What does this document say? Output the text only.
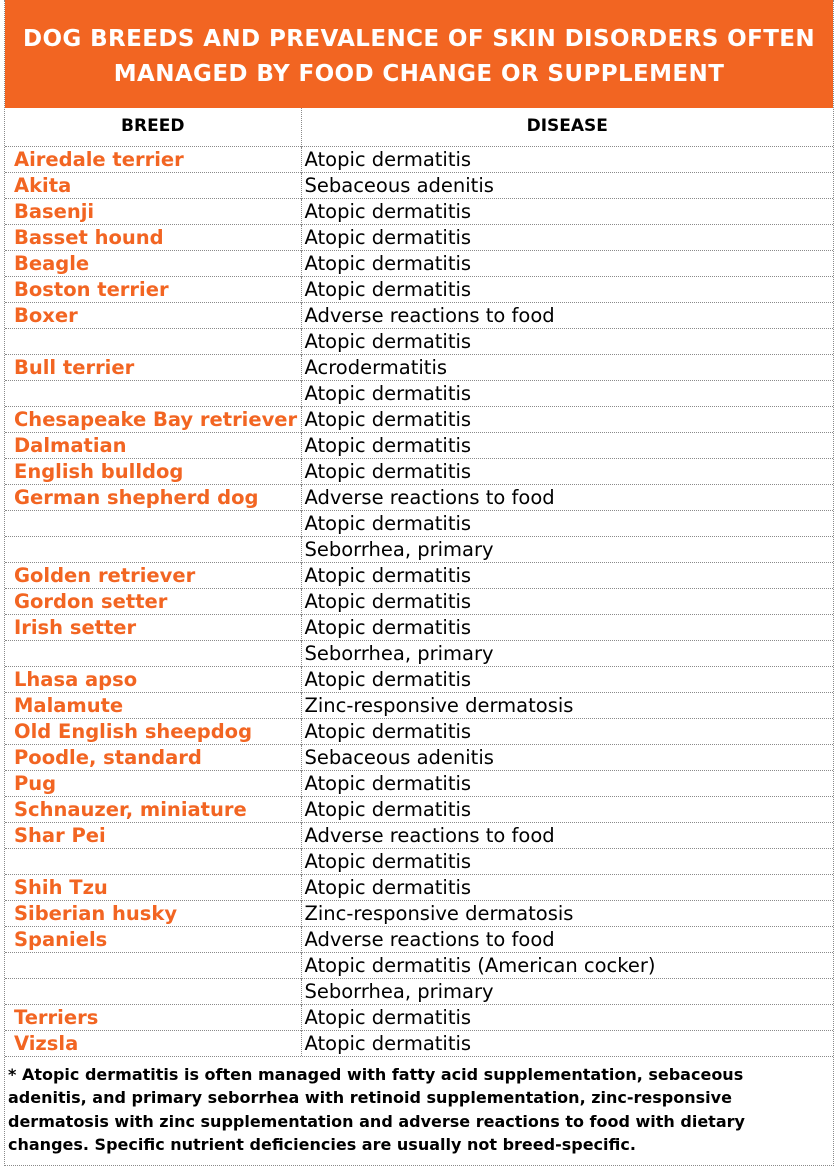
DOG BREEDS AND PREVALENCE OF SKIN DISORDERS OFTEN
MANAGED BY FOOD CHANGE OR SUPPLEMENT
BREED	DISEASE
Airedale terrier	Atopic dermatitis
Akita	Sebaceous adenitis
Basenji	Atopic dermatitis
Basset hound	Atopic dermatitis
Beagle	Atopic dermatitis
Boston terrier	Atopic dermatitis
Boxer	Adverse reactions to food
	Atopic dermatitis
Bull terrier	Acrodermatitis
	Atopic dermatitis
Chesapeake Bay retriever	Atopic dermatitis
Dalmatian	Atopic dermatitis
English bulldog	Atopic dermatitis
German shepherd dog	Adverse reactions to food
	Atopic dermatitis
	Seborrhea, primary
Golden retriever	Atopic dermatitis
Gordon setter	Atopic dermatitis
Irish setter	Atopic dermatitis
	Seborrhea, primary
Lhasa apso	Atopic dermatitis
Malamute	Zinc-responsive dermatosis
Old English sheepdog	Atopic dermatitis
Poodle, standard	Sebaceous adenitis
Pug	Atopic dermatitis
Schnauzer, miniature	Atopic dermatitis
Shar Pei	Adverse reactions to food
	Atopic dermatitis
Shih Tzu	Atopic dermatitis
Siberian husky	Zinc-responsive dermatosis
Spaniels	Adverse reactions to food
	Atopic dermatitis (American cocker)
	Seborrhea, primary
Terriers	Atopic dermatitis
Vizsla	Atopic dermatitis
* Atopic dermatitis is often managed with fatty acid supplementation, sebaceous adenitis, and primary seborrhea with retinoid supplementation, zinc-responsive dermatosis with zinc supplementation and adverse reactions to food with dietary changes. Specific nutrient deficiencies are usually not breed-specific.
